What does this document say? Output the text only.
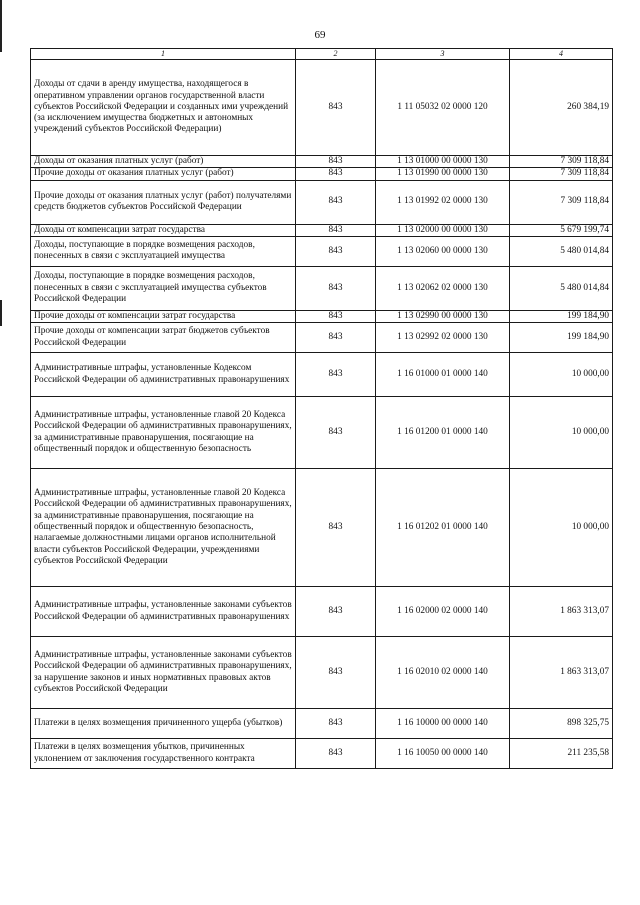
69
1	2	3	4
Доходы от сдачи в аренду имущества, находящегося в оперативном управлении органов государственной власти субъектов Российской Федерации и созданных ими учреждений (за исключением имущества бюджетных и автономных учреждений субъектов Российской Федерации)	843	1 11 05032 02 0000 120	260 384,19
Доходы от оказания платных услуг (работ)	843	1 13 01000 00 0000 130	7 309 118,84
Прочие доходы от оказания платных услуг (работ)	843	1 13 01990 00 0000 130	7 309 118,84
Прочие доходы от оказания платных услуг (работ) получателями средств бюджетов субъектов Российской Федерации	843	1 13 01992 02 0000 130	7 309 118,84
Доходы от компенсации затрат государства	843	1 13 02000 00 0000 130	5 679 199,74
Доходы, поступающие в порядке возмещения расходов, понесенных в связи с эксплуатацией имущества	843	1 13 02060 00 0000 130	5 480 014,84
Доходы, поступающие в порядке возмещения расходов, понесенных в связи с эксплуатацией имущества субъектов Российской Федерации	843	1 13 02062 02 0000 130	5 480 014,84
Прочие доходы от компенсации затрат государства	843	1 13 02990 00 0000 130	199 184,90
Прочие доходы от компенсации затрат бюджетов субъектов Российской Федерации	843	1 13 02992 02 0000 130	199 184,90
Административные штрафы, установленные Кодексом Российской Федерации об административных правонарушениях	843	1 16 01000 01 0000 140	10 000,00
Административные штрафы, установленные главой 20 Кодекса Российской Федерации об административных правонарушениях, за административные правонарушения, посягающие на общественный порядок и общественную безопасность	843	1 16 01200 01 0000 140	10 000,00
Административные штрафы, установленные главой 20 Кодекса Российской Федерации об административных правонарушениях, за административные правонарушения, посягающие на общественный порядок и общественную безопасность, налагаемые должностными лицами органов исполнительной власти субъектов Российской Федерации, учреждениями субъектов Российской Федерации	843	1 16 01202 01 0000 140	10 000,00
Административные штрафы, установленные законами субъектов Российской Федерации об административных правонарушениях	843	1 16 02000 02 0000 140	1 863 313,07
Административные штрафы, установленные законами субъектов Российской Федерации об административных правонарушениях, за нарушение законов и иных нормативных правовых актов субъектов Российской Федерации	843	1 16 02010 02 0000 140	1 863 313,07
Платежи в целях возмещения причиненного ущерба (убытков)	843	1 16 10000 00 0000 140	898 325,75
Платежи в целях возмещения убытков, причиненных уклонением от заключения государственного контракта	843	1 16 10050 00 0000 140	211 235,58
